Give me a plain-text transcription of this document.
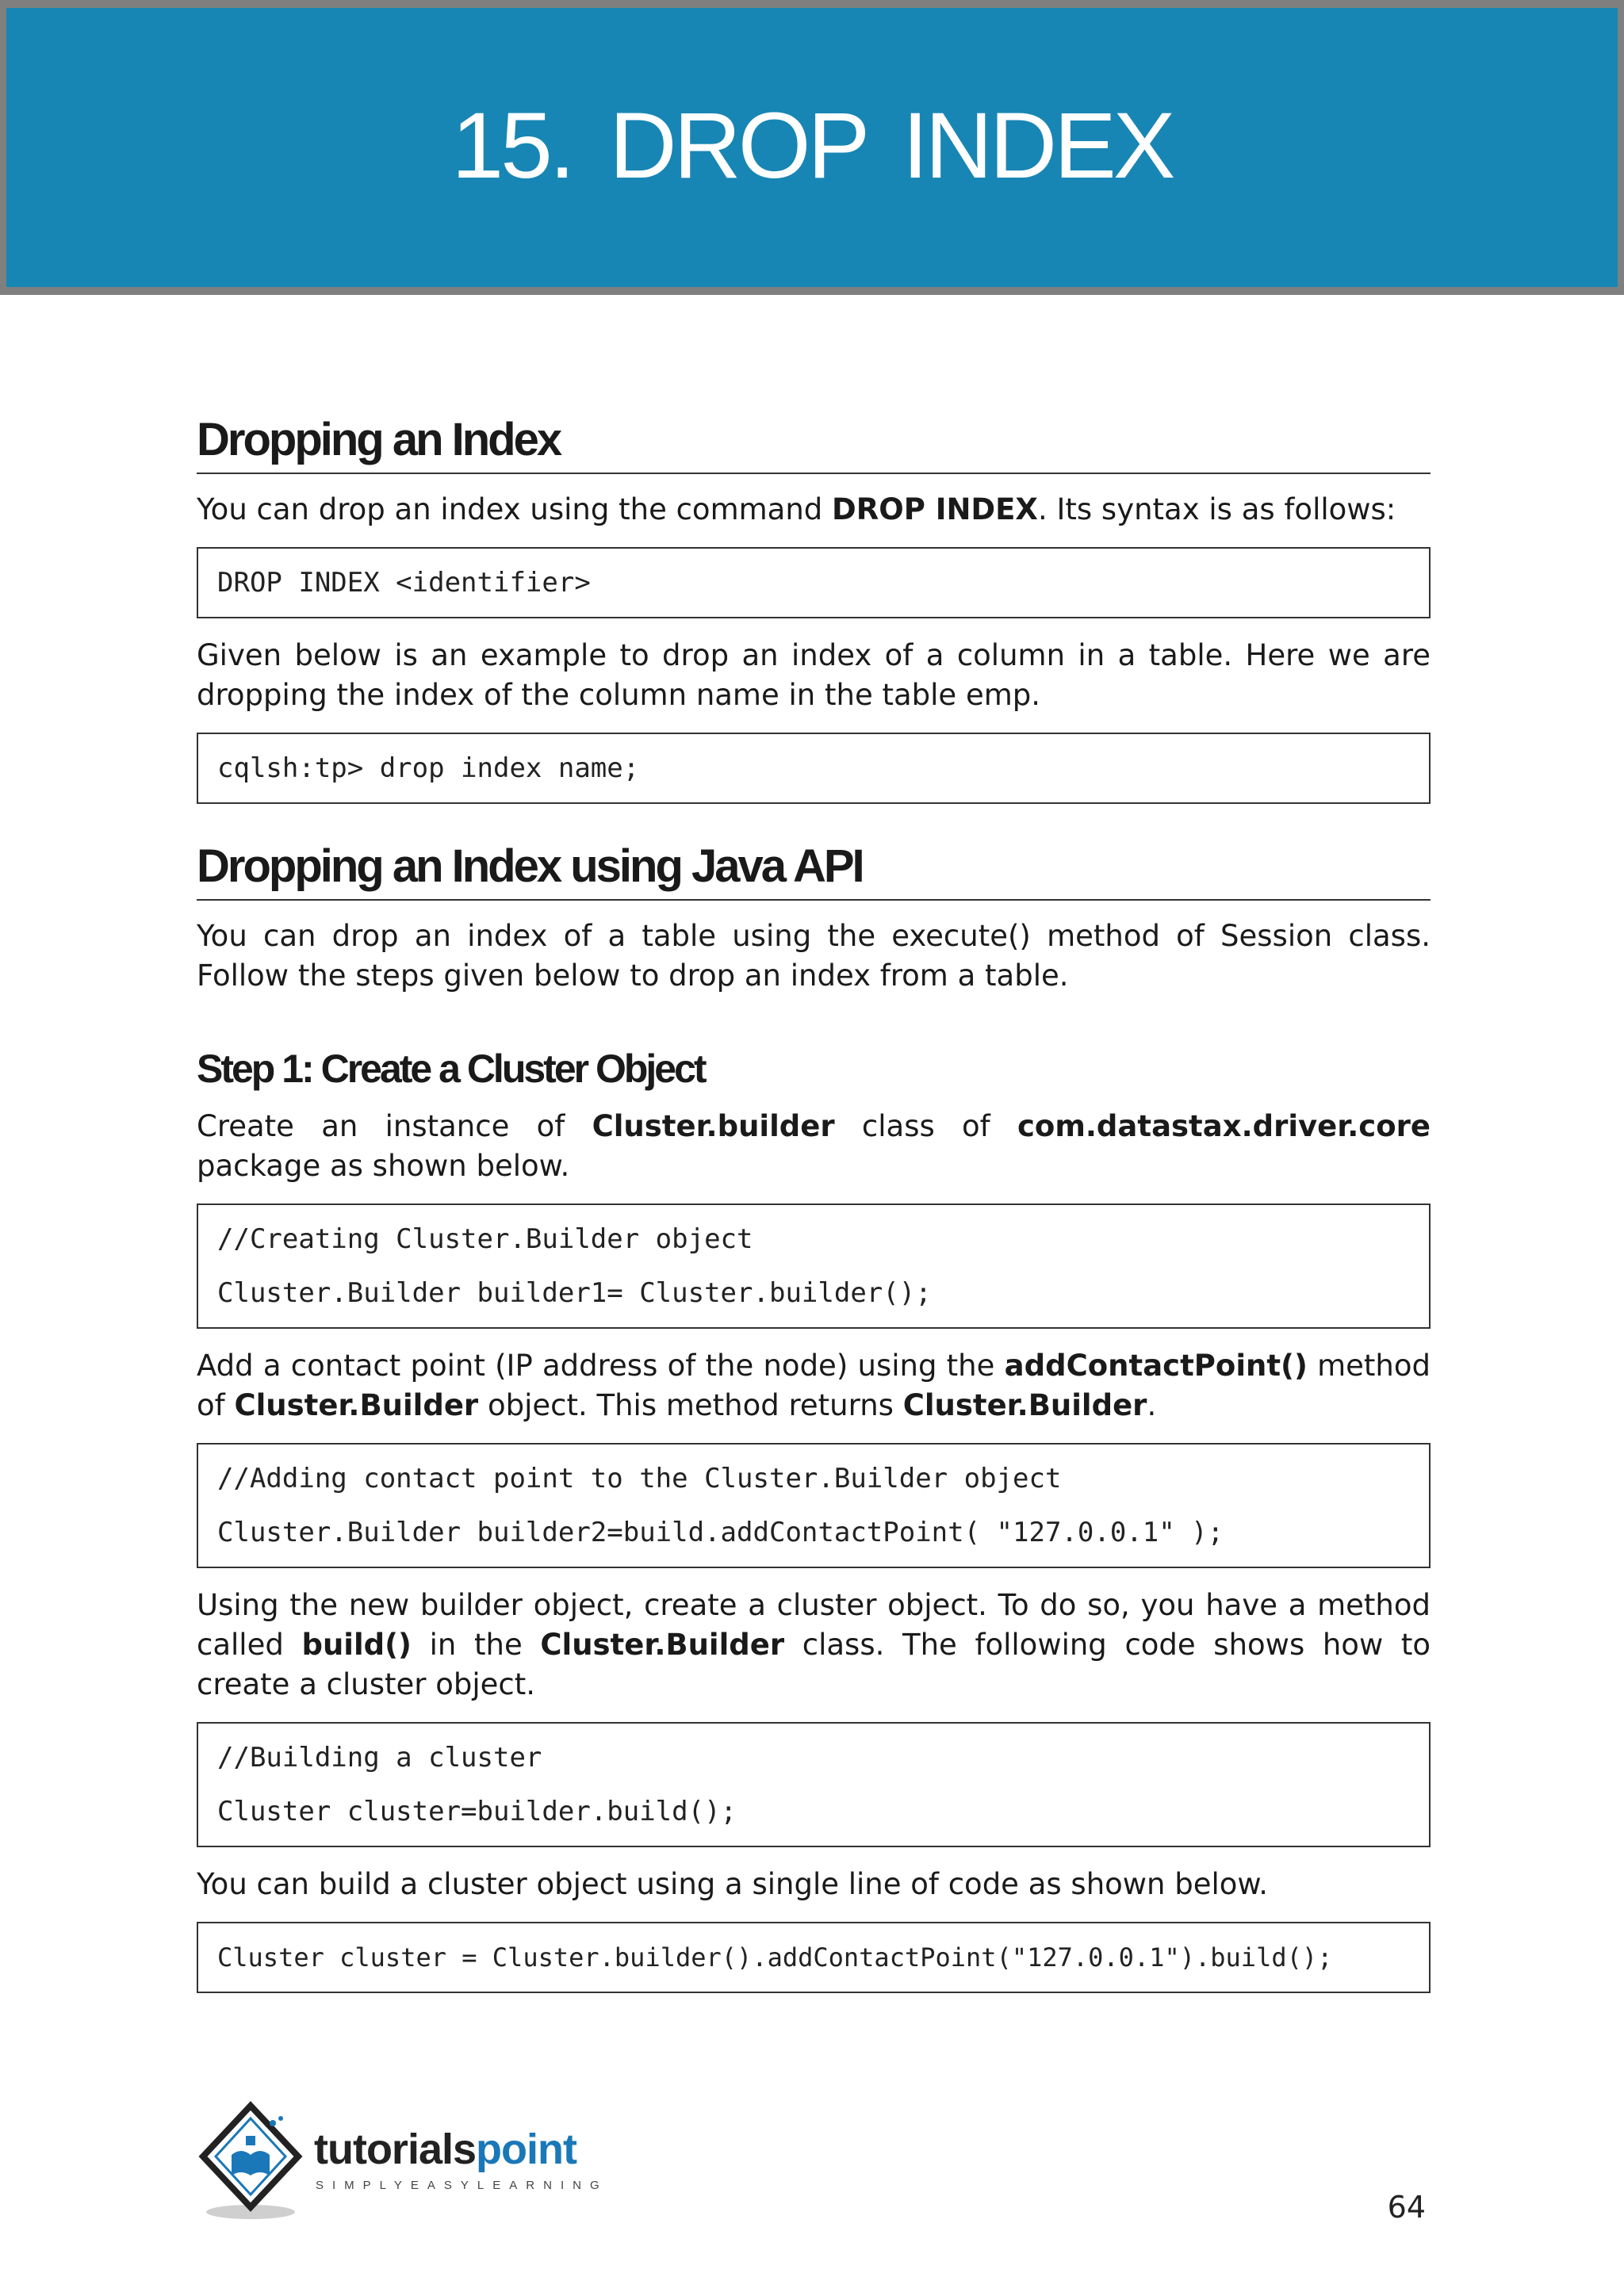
15. DROP INDEX
Dropping an Index

You can drop an index using the command DROP INDEX. Its syntax is as follows:

DROP INDEX <identifier>

Given below is an example to drop an index of a column in a table. Here we are dropping the index of the column name in the table emp.

cqlsh:tp> drop index name;
Dropping an Index using Java API

You can drop an index of a table using the execute() method of Session class. Follow the steps given below to drop an index from a table.

Step 1: Create a Cluster Object

Create an instance of Cluster.builder class of com.datastax.driver.core package as shown below.

//Creating Cluster.Builder object
Cluster.Builder builder1= Cluster.builder();

Add a contact point (IP address of the node) using the addContactPoint() method of Cluster.Builder object. This method returns Cluster.Builder.

//Adding contact point to the Cluster.Builder object
Cluster.Builder builder2=build.addContactPoint( "127.0.0.1" );

Using the new builder object, create a cluster object. To do so, you have a method called build() in the Cluster.Builder class. The following code shows how to create a cluster object.

//Building a cluster
Cluster cluster=builder.build();

You can build a cluster object using a single line of code as shown below.

Cluster cluster = Cluster.builder().addContactPoint("127.0.0.1").build();
tutorialspoint
SIMPLYEASYLEARNING
64
